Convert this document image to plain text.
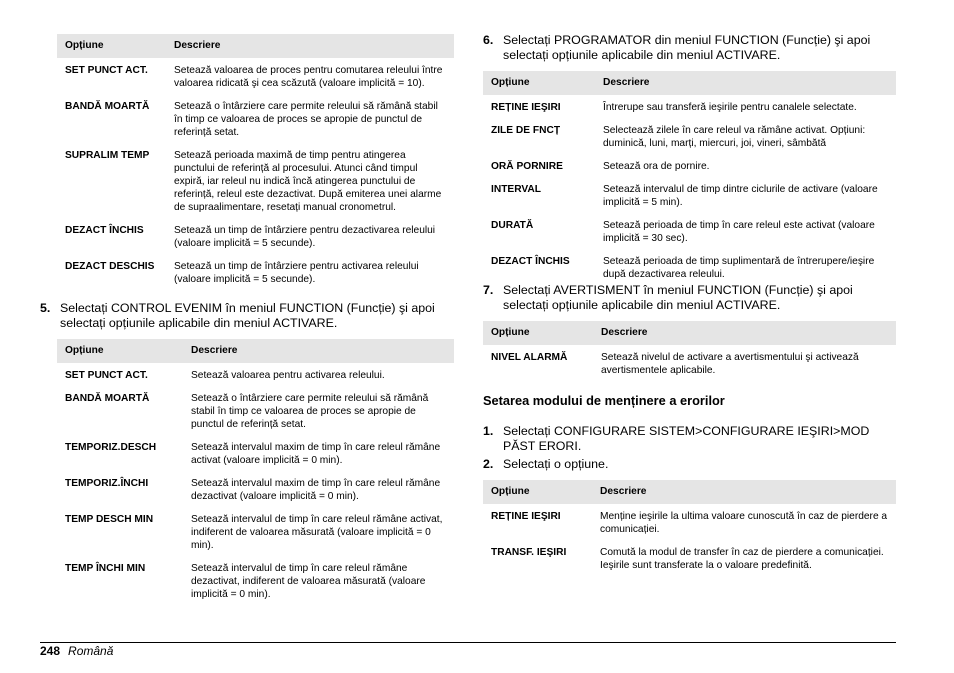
Opțiune	Descriere
SET PUNCT ACT.	Setează valoarea de proces pentru comutarea releului între valoarea ridicată şi cea scăzută (valoare implicită = 10).
BANDĂ MOARTĂ	Setează o întârziere care permite releului să rămână stabil în timp ce valoarea de proces se apropie de punctul de referință setat.
SUPRALIM TEMP	Setează perioada maximă de timp pentru atingerea punctului de referință al procesului. Atunci când timpul expiră, iar releul nu indică încă atingerea punctului de referință, releul este dezactivat. După emiterea unei alarme de supraalimentare, resetați manual cronometrul.
DEZACT ÎNCHIS	Setează un timp de întârziere pentru dezactivarea releului (valoare implicită = 5 secunde).
DEZACT DESCHIS	Setează un timp de întârziere pentru activarea releului (valoare implicită = 5 secunde).
5. Selectați CONTROL EVENIM în meniul FUNCTION (Funcție) şi apoi selectați opțiunile aplicabile din meniul ACTIVARE.
Opțiune	Descriere
SET PUNCT ACT.	Setează valoarea pentru activarea releului.
BANDĂ MOARTĂ	Setează o întârziere care permite releului să rămână stabil în timp ce valoarea de proces se apropie de punctul de referință setat.
TEMPORIZ.DESCH	Setează intervalul maxim de timp în care releul rămâne activat (valoare implicită = 0 min).
TEMPORIZ.ÎNCHI	Setează intervalul maxim de timp în care releul rămâne dezactivat (valoare implicită = 0 min).
TEMP DESCH MIN	Setează intervalul de timp în care releul rămâne activat, indiferent de valoarea măsurată (valoare implicită = 0 min).
TEMP ÎNCHI MIN	Setează intervalul de timp în care releul rămâne dezactivat, indiferent de valoarea măsurată (valoare implicită = 0 min).
6. Selectați PROGRAMATOR din meniul FUNCTION (Funcție) şi apoi selectați opțiunile aplicabile din meniul ACTIVARE.
Opțiune	Descriere
REȚINE IEŞIRI	Întrerupe sau transferă ieşirile pentru canalele selectate.
ZILE DE FNCȚ	Selectează zilele în care releul va rămâne activat. Opțiuni: duminică, luni, marți, miercuri, joi, vineri, sâmbătă
ORĂ PORNIRE	Setează ora de pornire.
INTERVAL	Setează intervalul de timp dintre ciclurile de activare (valoare implicită = 5 min).
DURATĂ	Setează perioada de timp în care releul este activat (valoare implicită = 30 sec).
DEZACT ÎNCHIS	Setează perioada de timp suplimentară de întrerupere/ieşire după dezactivarea releului.
7. Selectați AVERTISMENT în meniul FUNCTION (Funcție) şi apoi selectați opțiunile aplicabile din meniul ACTIVARE.
Opțiune	Descriere
NIVEL ALARMĂ	Setează nivelul de activare a avertismentului şi activează avertismentele aplicabile.
Setarea modului de menținere a erorilor
1. Selectați CONFIGURARE SISTEM>CONFIGURARE IEŞIRI>MOD PĂST ERORI.
2. Selectați o opțiune.
Opțiune	Descriere
REȚINE IEŞIRI	Menține ieşirile la ultima valoare cunoscută în caz de pierdere a comunicației.
TRANSF. IEŞIRI	Comută la modul de transfer în caz de pierdere a comunicației. Ieşirile sunt transferate la o valoare predefinită.
248 Română
